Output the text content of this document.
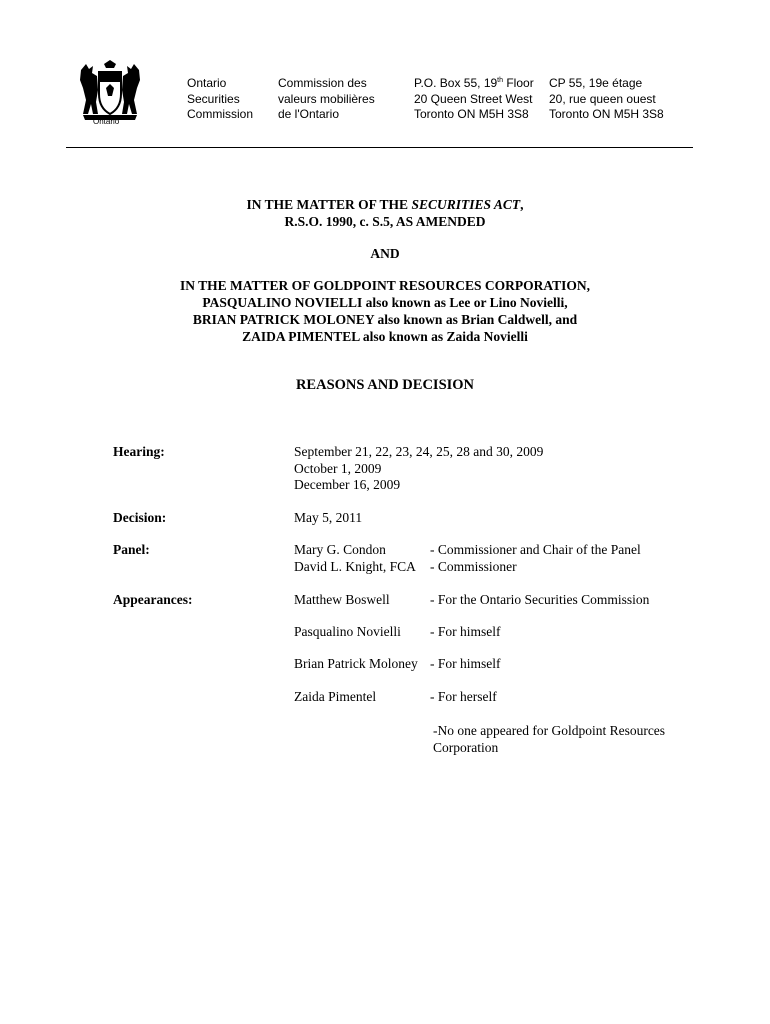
Ontario
Ontario
Securities
Commission
Commission des
valeurs mobilières
de l'Ontario
P.O. Box 55, 19th Floor
20 Queen Street West
Toronto ON M5H 3S8
CP 55, 19e étage
20, rue queen ouest
Toronto ON M5H 3S8
IN THE MATTER OF THE SECURITIES ACT,
R.S.O. 1990, c. S.5, AS AMENDED
AND
IN THE MATTER OF GOLDPOINT RESOURCES CORPORATION,
PASQUALINO NOVIELLI also known as Lee or Lino Novielli,
BRIAN PATRICK MOLONEY also known as Brian Caldwell, and
ZAIDA PIMENTEL also known as Zaida Novielli
REASONS AND DECISION
Hearing:	September 21, 22, 23, 24, 25, 28 and 30, 2009
October 1, 2009
December 16, 2009
Decision:	May 5, 2011
Panel:	Mary G. Condon	- Commissioner and Chair of the Panel
David L. Knight, FCA - Commissioner
Appearances:	Matthew Boswell	- For the Ontario Securities Commission
Pasqualino Novielli - For himself
Brian Patrick Moloney - For himself
Zaida Pimentel	- For herself
-No one appeared for Goldpoint Resources
Corporation
